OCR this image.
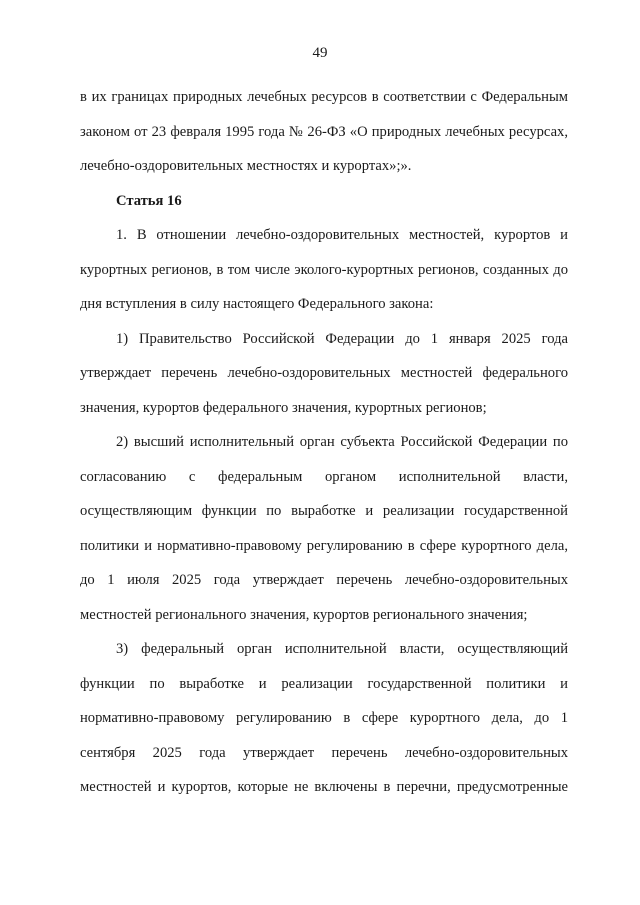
49

в их границах природных лечебных ресурсов в соответствии с Федеральным законом от 23 февраля 1995 года № 26-ФЗ «О природных лечебных ресурсах, лечебно-оздоровительных местностях и курортах»;».

Статья 16

1. В отношении лечебно-оздоровительных местностей, курортов и курортных регионов, в том числе эколого-курортных регионов, созданных до дня вступления в силу настоящего Федерального закона:

1) Правительство Российской Федерации до 1 января 2025 года утверждает перечень лечебно-оздоровительных местностей федерального значения, курортов федерального значения, курортных регионов;

2) высший исполнительный орган субъекта Российской Федерации по согласованию с федеральным органом исполнительной власти, осуществляющим функции по выработке и реализации государственной политики и нормативно-правовому регулированию в сфере курортного дела, до 1 июля 2025 года утверждает перечень лечебно-оздоровительных местностей регионального значения, курортов регионального значения;

3) федеральный орган исполнительной власти, осуществляющий функции по выработке и реализации государственной политики и нормативно-правовому регулированию в сфере курортного дела, до 1 сентября 2025 года утверждает перечень лечебно-оздоровительных местностей и курортов, которые не включены в перечни, предусмотренные
